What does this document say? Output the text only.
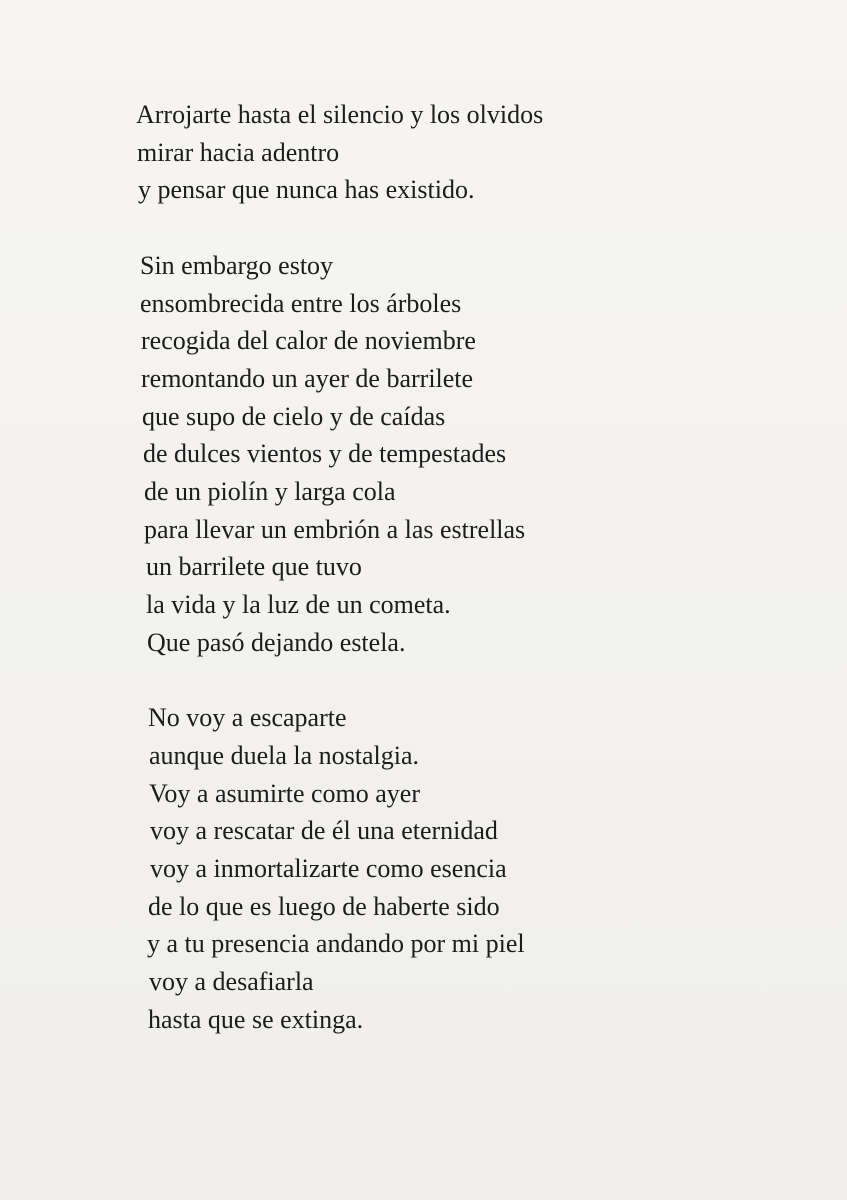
Arrojarte hasta el silencio y los olvidos
mirar hacia adentro
y pensar que nunca has existido.
Sin embargo estoy
ensombrecida entre los árboles
recogida del calor de noviembre
remontando un ayer de barrilete
que supo de cielo y de caídas
de dulces vientos y de tempestades
de un piolín y larga cola
para llevar un embrión a las estrellas
un barrilete que tuvo
la vida y la luz de un cometa.
Que pasó dejando estela.
No voy a escaparte
aunque duela la nostalgia.
Voy a asumirte como ayer
voy a rescatar de él una eternidad
voy a inmortalizarte como esencia
de lo que es luego de haberte sido
y a tu presencia andando por mi piel
voy a desafiarla
hasta que se extinga.
